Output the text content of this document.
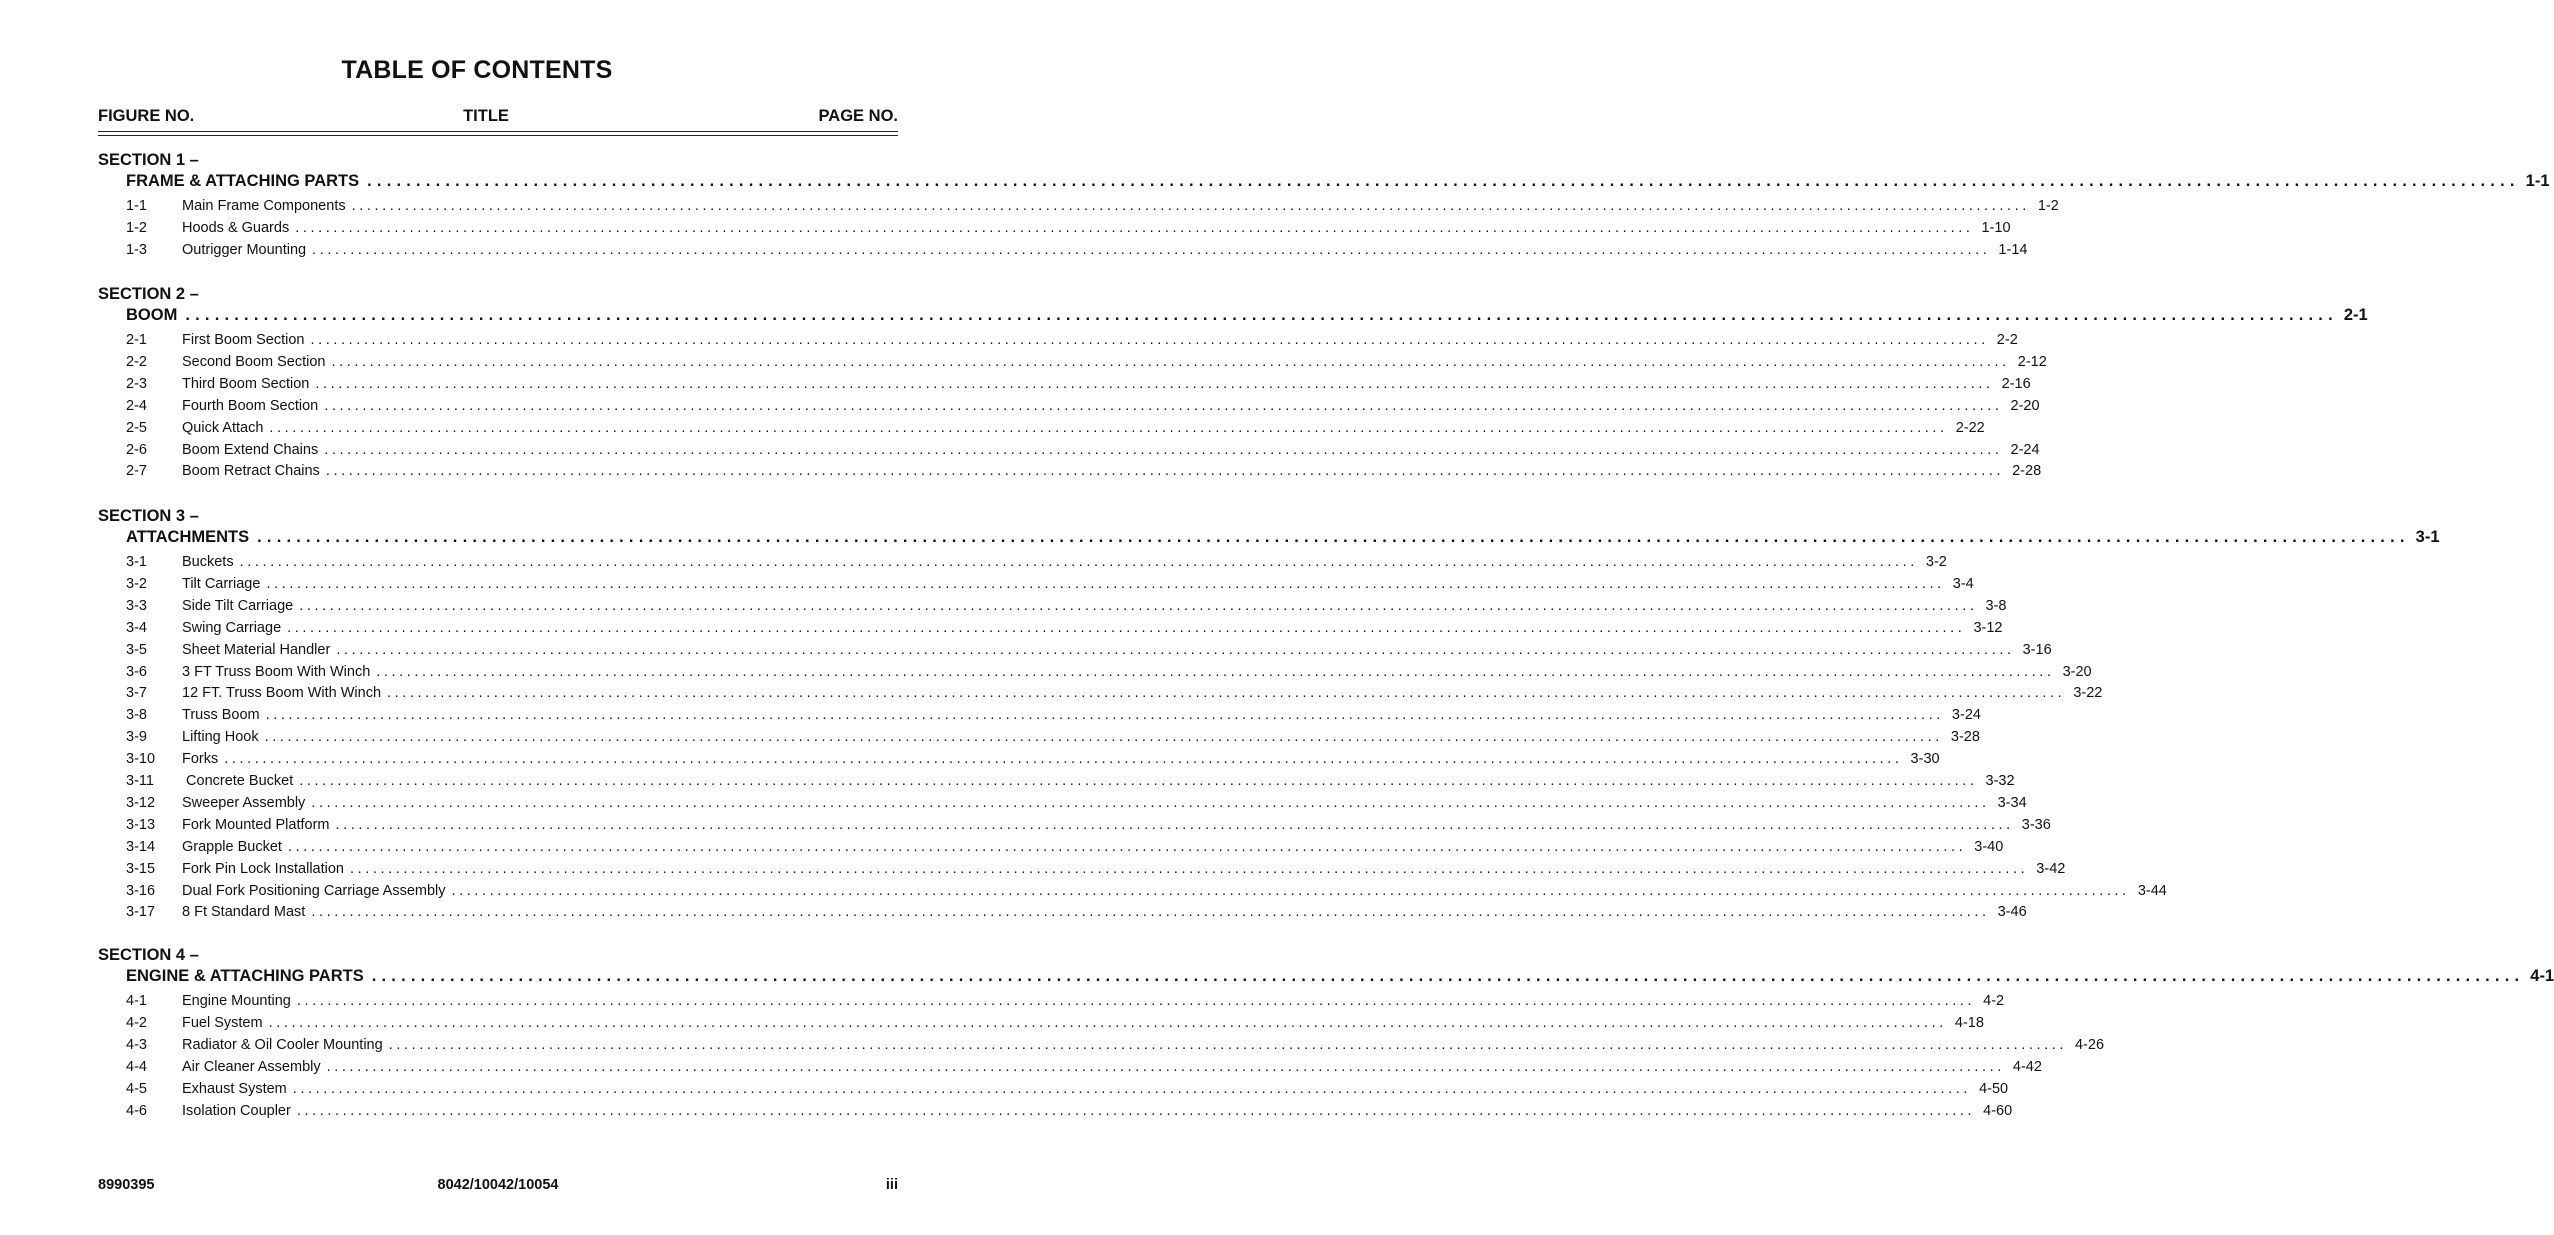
TABLE OF CONTENTS
FIGURE NO.	TITLE	PAGE NO.
SECTION 1 –
FRAME & ATTACHING PARTS ............................................................................................................................................................................................................................ 1-1
1-1	Main Frame Components ............................................................................................................................................................................................................................ 1-2
1-2	Hoods & Guards ............................................................................................................................................................................................................................ 1-10
1-3	Outrigger Mounting ............................................................................................................................................................................................................................ 1-14
SECTION 2 –
BOOM ............................................................................................................................................................................................................................ 2-1
2-1	First Boom Section ............................................................................................................................................................................................................................ 2-2
2-2	Second Boom Section ............................................................................................................................................................................................................................ 2-12
2-3	Third Boom Section ............................................................................................................................................................................................................................ 2-16
2-4	Fourth Boom Section ............................................................................................................................................................................................................................ 2-20
2-5	Quick Attach ............................................................................................................................................................................................................................ 2-22
2-6	Boom Extend Chains ............................................................................................................................................................................................................................ 2-24
2-7	Boom Retract Chains ............................................................................................................................................................................................................................ 2-28
SECTION 3 –
ATTACHMENTS ............................................................................................................................................................................................................................ 3-1
3-1	Buckets ............................................................................................................................................................................................................................ 3-2
3-2	Tilt Carriage ............................................................................................................................................................................................................................ 3-4
3-3	Side Tilt Carriage ............................................................................................................................................................................................................................ 3-8
3-4	Swing Carriage ............................................................................................................................................................................................................................ 3-12
3-5	Sheet Material Handler ............................................................................................................................................................................................................................ 3-16
3-6	3 FT Truss Boom With Winch ............................................................................................................................................................................................................................ 3-20
3-7	12 FT. Truss Boom With Winch ............................................................................................................................................................................................................................ 3-22
3-8	Truss Boom ............................................................................................................................................................................................................................ 3-24
3-9	Lifting Hook ............................................................................................................................................................................................................................ 3-28
3-10	Forks ............................................................................................................................................................................................................................ 3-30
3-11	Concrete Bucket ............................................................................................................................................................................................................................ 3-32
3-12	Sweeper Assembly ............................................................................................................................................................................................................................ 3-34
3-13	Fork Mounted Platform ............................................................................................................................................................................................................................ 3-36
3-14	Grapple Bucket ............................................................................................................................................................................................................................ 3-40
3-15	Fork Pin Lock Installation ............................................................................................................................................................................................................................ 3-42
3-16	Dual Fork Positioning Carriage Assembly ............................................................................................................................................................................................................................ 3-44
3-17	8 Ft Standard Mast ............................................................................................................................................................................................................................ 3-46
SECTION 4 –
ENGINE & ATTACHING PARTS ............................................................................................................................................................................................................................ 4-1
4-1	Engine Mounting ............................................................................................................................................................................................................................ 4-2
4-2	Fuel System ............................................................................................................................................................................................................................ 4-18
4-3	Radiator & Oil Cooler Mounting ............................................................................................................................................................................................................................ 4-26
4-4	Air Cleaner Assembly ............................................................................................................................................................................................................................ 4-42
4-5	Exhaust System ............................................................................................................................................................................................................................ 4-50
4-6	Isolation Coupler ............................................................................................................................................................................................................................ 4-60
8990395	8042/10042/10054	iii
